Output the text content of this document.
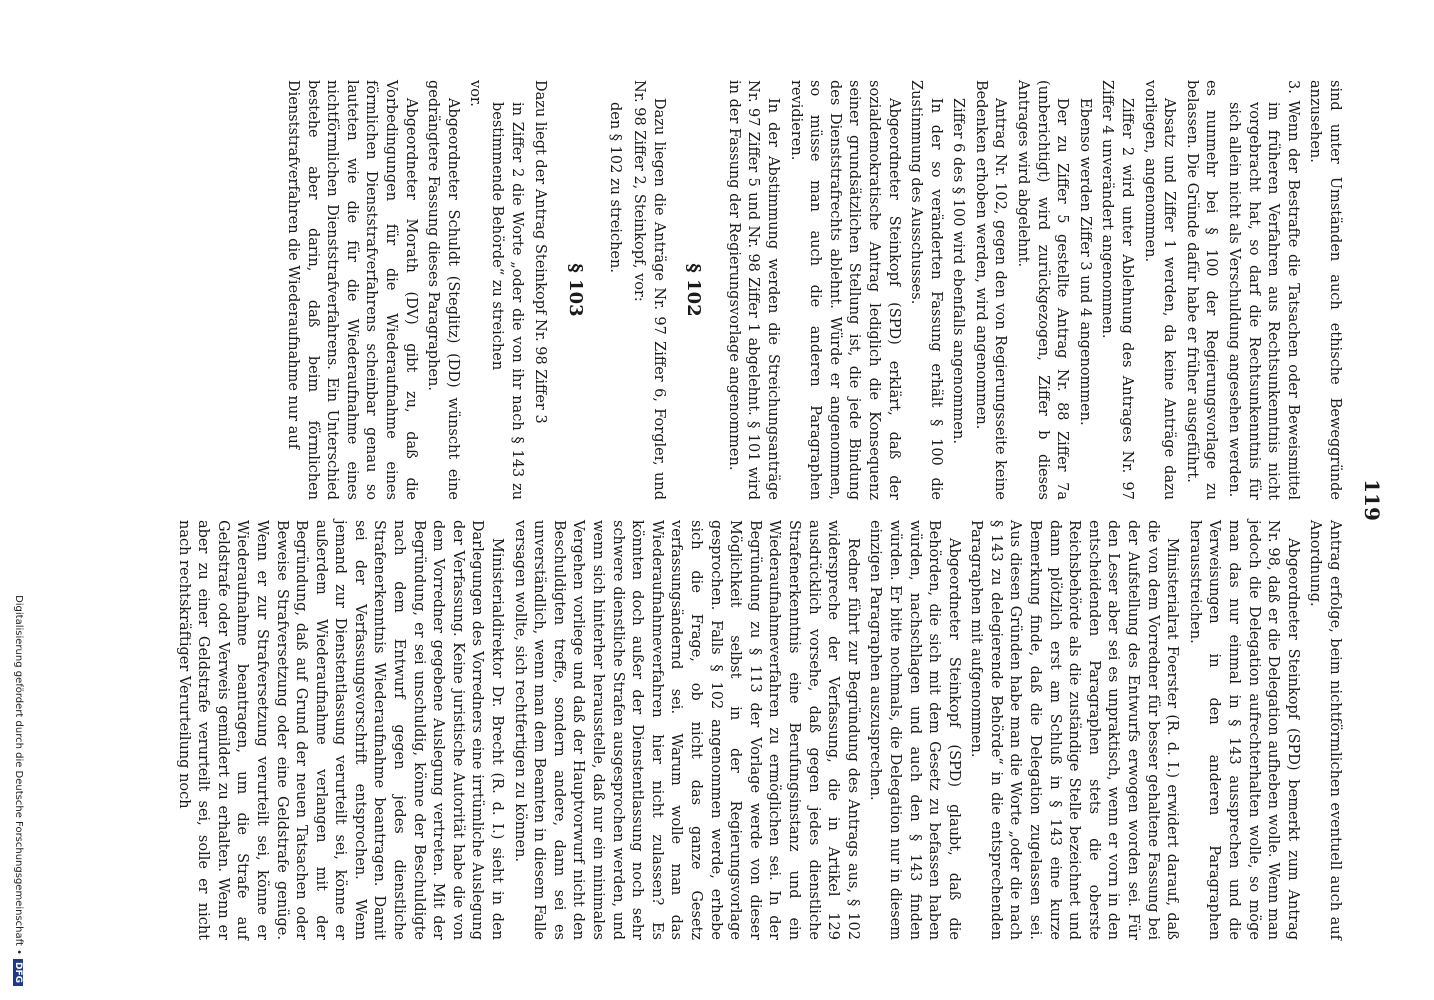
119

sind unter Umständen auch ethische Beweggründe anzusehen.

3. Wenn der Bestrafte die Tatsachen oder Beweismittel im früheren Verfahren aus Rechtsunkenntnis nicht vorgebracht hat, so darf die Rechtsunkenntnis für sich allein nicht als Verschuldung angesehen werden.

es nunmehr bei § 100 der Regierungsvorlage zu belassen. Die Gründe dafür habe er früher ausgeführt.

Absatz und Ziffer 1 werden, da keine Anträge dazu vorliegen, angenommen.

Ziffer 2 wird unter Ablehnung des Antrages Nr. 97 Ziffer 4 unverändert angenommen.

Ebenso werden Ziffer 3 und 4 angenommen.

Der zu Ziffer 5 gestellte Antrag Nr. 88 Ziffer 7a (unberichtigt) wird zurückgezogen, Ziffer b dieses Antrages wird abgelehnt.

Antrag Nr. 102, gegen den von Regierungsseite keine Bedenken erhoben werden, wird angenommen.

Ziffer 6 des § 100 wird ebenfalls angenommen.

In der so veränderten Fassung erhält § 100 die Zustimmung des Ausschusses.

Abgeordneter Steinkopf (SPD) erklärt, daß der sozialdemokratische Antrag lediglich die Konsequenz seiner grundsätzlichen Stellung ist, die jede Bindung des Dienststrafrechts ablehnt. Würde er angenommen, so müsse man auch die anderen Paragraphen revidieren.

In der Abstimmung werden die Streichungsanträge Nr. 97 Ziffer 5 und Nr. 98 Ziffer 1 abgelehnt. § 101 wird in der Fassung der Regierungsvorlage angenommen.

§ 102

Dazu liegen die Anträge Nr. 97 Ziffer 6, Forgler, und Nr. 98 Ziffer 2, Steinkopf, vor:

den § 102 zu streichen.

§ 103

Dazu liegt der Antrag Steinkopf Nr. 98 Ziffer 3

in Ziffer 2 die Worte „oder die von ihr nach § 143 zu bestimmende Behörde“ zu streichen

vor.

Abgeordneter Schuldt (Steglitz) (DD) wünscht eine gedrängtere Fassung dieses Paragraphen.

Abgeordneter Morath (DV) gibt zu, daß die Vorbedingungen für die Wiederaufnahme eines förmlichen Dienststrafverfahrens scheinbar genau so lauteten wie die für die Wiederaufnahme eines nichtförmlichen Dienststrafverfahrens. Ein Unterschied bestehe aber darin, daß beim förmlichen Dienststrafverfahren die Wiederaufnahme nur auf

Antrag erfolge, beim nichtförmlichen eventuell auch auf Anordnung.

Abgeordneter Steinkopf (SPD) bemerkt zum Antrag Nr. 98, daß er die Delegation aufheben wolle. Wenn man jedoch die Delegation aufrechterhalten wolle, so möge man das nur einmal in § 143 aussprechen und die Verweisungen in den anderen Paragraphen herausstreichen.

Ministerialrat Foerster (R. d. I.) erwidert darauf, daß die von dem Vorredner für besser gehaltene Fassung bei der Aufstellung des Entwurfs erwogen worden sei. Für den Leser aber sei es unpraktisch, wenn er vorn in den entscheidenden Paragraphen stets die oberste Reichsbehörde als die zuständige Stelle bezeichnet und dann plötzlich erst am Schluß in § 143 eine kurze Bemerkung finde, daß die Delegation zugelassen sei. Aus diesen Gründen habe man die Worte „oder die nach § 143 zu delegierende Behörde“ in die entsprechenden Paragraphen mit aufgenommen.

Abgeordneter Steinkopf (SPD) glaubt, daß die Behörden, die sich mit dem Gesetz zu befassen haben würden, nachschlagen und auch den § 143 finden würden. Er bitte nochmals, die Delegation nur in diesem einzigen Paragraphen auszusprechen.

Redner führt zur Begründung des Antrags aus, § 102 widerspreche der Verfassung, die in Artikel 129 ausdrücklich vorsehe, daß gegen jedes dienstliche Strafenerkenntnis eine Berufungsinstanz und ein Wiederaufnahmeverfahren zu ermöglichen sei. In der Begründung zu § 113 der Vorlage werde von dieser Möglichkeit selbst in der Regierungsvorlage gesprochen. Falls § 102 angenommen werde, erhebe sich die Frage, ob nicht das ganze Gesetz verfassungsändernd sei. Warum wolle man das Wiederaufnahmeverfahren hier nicht zulassen? Es könnten doch außer der Dienstentlassung noch sehr schwere dienstliche Strafen ausgesprochen werden, und wenn sich hinterher herausstelle, daß nur ein minimales Vergehen vorliege und daß der Hauptvorwurf nicht den Beschuldigten treffe, sondern andere, dann sei es unverständlich, wenn man dem Beamten in diesem Falle versagen wollte, sich rechtfertigen zu können.

Ministerialdirektor Dr. Brecht (R. d. I.) sieht in den Darlegungen des Vorredners eine irrtümliche Auslegung der Verfassung. Keine juristische Autorität habe die von dem Vorredner gegebene Auslegung vertreten. Mit der Begründung, er sei unschuldig, könne der Beschuldigte nach dem Entwurf gegen jedes dienstliche Strafenerkenntnis Wiederaufnahme beantragen. Damit sei der Verfassungsvorschrift entsprochen. Wenn jemand zur Dienstentlassung verurteilt sei, könne er außerdem Wiederaufnahme verlangen mit der Begründung, daß auf Grund der neuen Tatsachen oder Beweise Strafversetzung oder eine Geldstrafe genüge. Wenn er zur Strafversetzung verurteilt sei, könne er Wiederaufnahme beantragen, um die Strafe auf Geldstrafe oder Verweis gemildert zu erhalten. Wenn er aber zu einer Geldstrafe verurteilt sei, solle er nicht nach rechtskräftiger Verurteilung noch

Digitalisierung gefördert durch die Deutsche Forschungsgemeinschaft •DFG
